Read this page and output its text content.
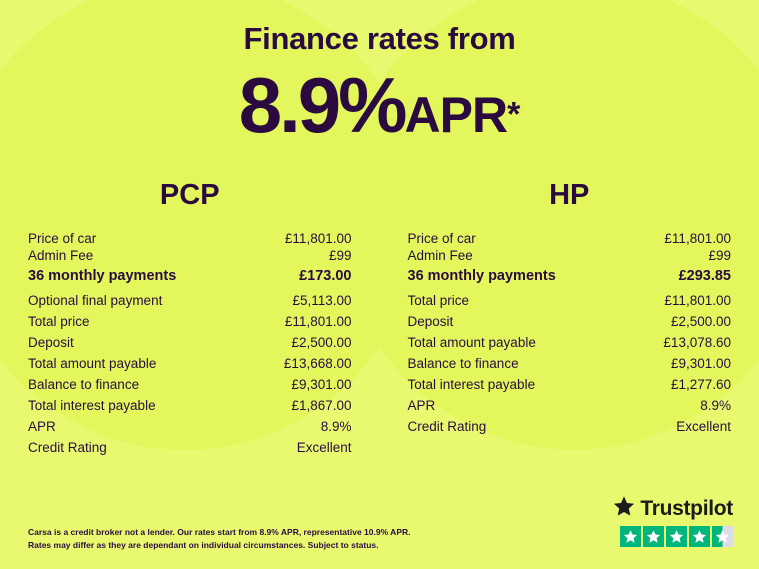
Finance rates from
8.9%APR*
PCP
Price of car	£11,801.00
Admin Fee	£99
36 monthly payments	£173.00
Optional final payment	£5,113.00
Total price	£11,801.00
Deposit	£2,500.00
Total amount payable	£13,668.00
Balance to finance	£9,301.00
Total interest payable	£1,867.00
APR	8.9%
Credit Rating	Excellent
HP
Price of car	£11,801.00
Admin Fee	£99
36 monthly payments	£293.85
Total price	£11,801.00
Deposit	£2,500.00
Total amount payable	£13,078.60
Balance to finance	£9,301.00
Total interest payable	£1,277.60
APR	8.9%
Credit Rating	Excellent
Carsa is a credit broker not a lender. Our rates start from 8.9% APR, representative 10.9% APR.
Rates may differ as they are dependant on individual circumstances. Subject to status.
Trustpilot
